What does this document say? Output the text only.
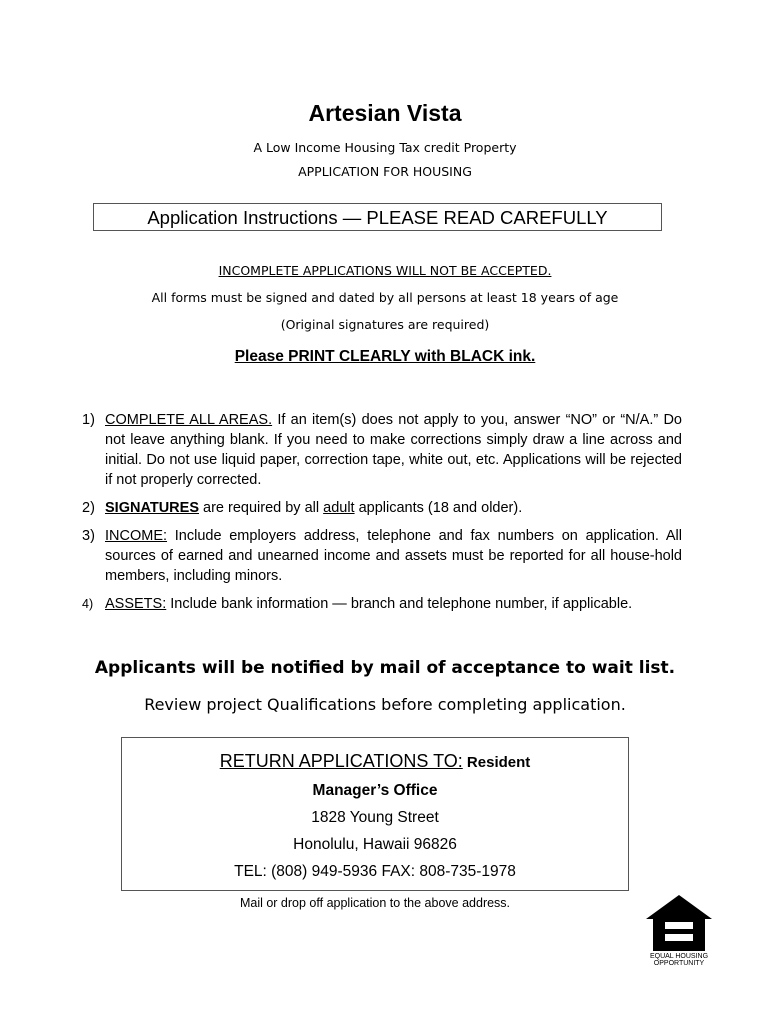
Artesian Vista
A Low Income Housing Tax credit Property
APPLICATION FOR HOUSING
Application Instructions — PLEASE READ CAREFULLY
INCOMPLETE APPLICATIONS WILL NOT BE ACCEPTED.
All forms must be signed and dated by all persons at least 18 years of age
(Original signatures are required)
Please PRINT CLEARLY with BLACK ink.
1) COMPLETE ALL AREAS. If an item(s) does not apply to you, answer “NO” or “N/A.” Do not leave anything blank. If you need to make corrections simply draw a line across and initial. Do not use liquid paper, correction tape, white out, etc. Applications will be rejected if not properly corrected.
2) SIGNATURES are required by all adult applicants (18 and older).
3) INCOME: Include employers address, telephone and fax numbers on application. All sources of earned and unearned income and assets must be reported for all house-hold members, including minors.
4) ASSETS: Include bank information — branch and telephone number, if applicable.
Applicants will be notified by mail of acceptance to wait list.
Review project Qualifications before completing application.
RETURN APPLICATIONS TO: Resident
Manager’s Office
1828 Young Street
Honolulu, Hawaii 96826
TEL: (808) 949-5936 FAX: 808-735-1978
Mail or drop off application to the above address.
EQUAL HOUSING
OPPORTUNITY
